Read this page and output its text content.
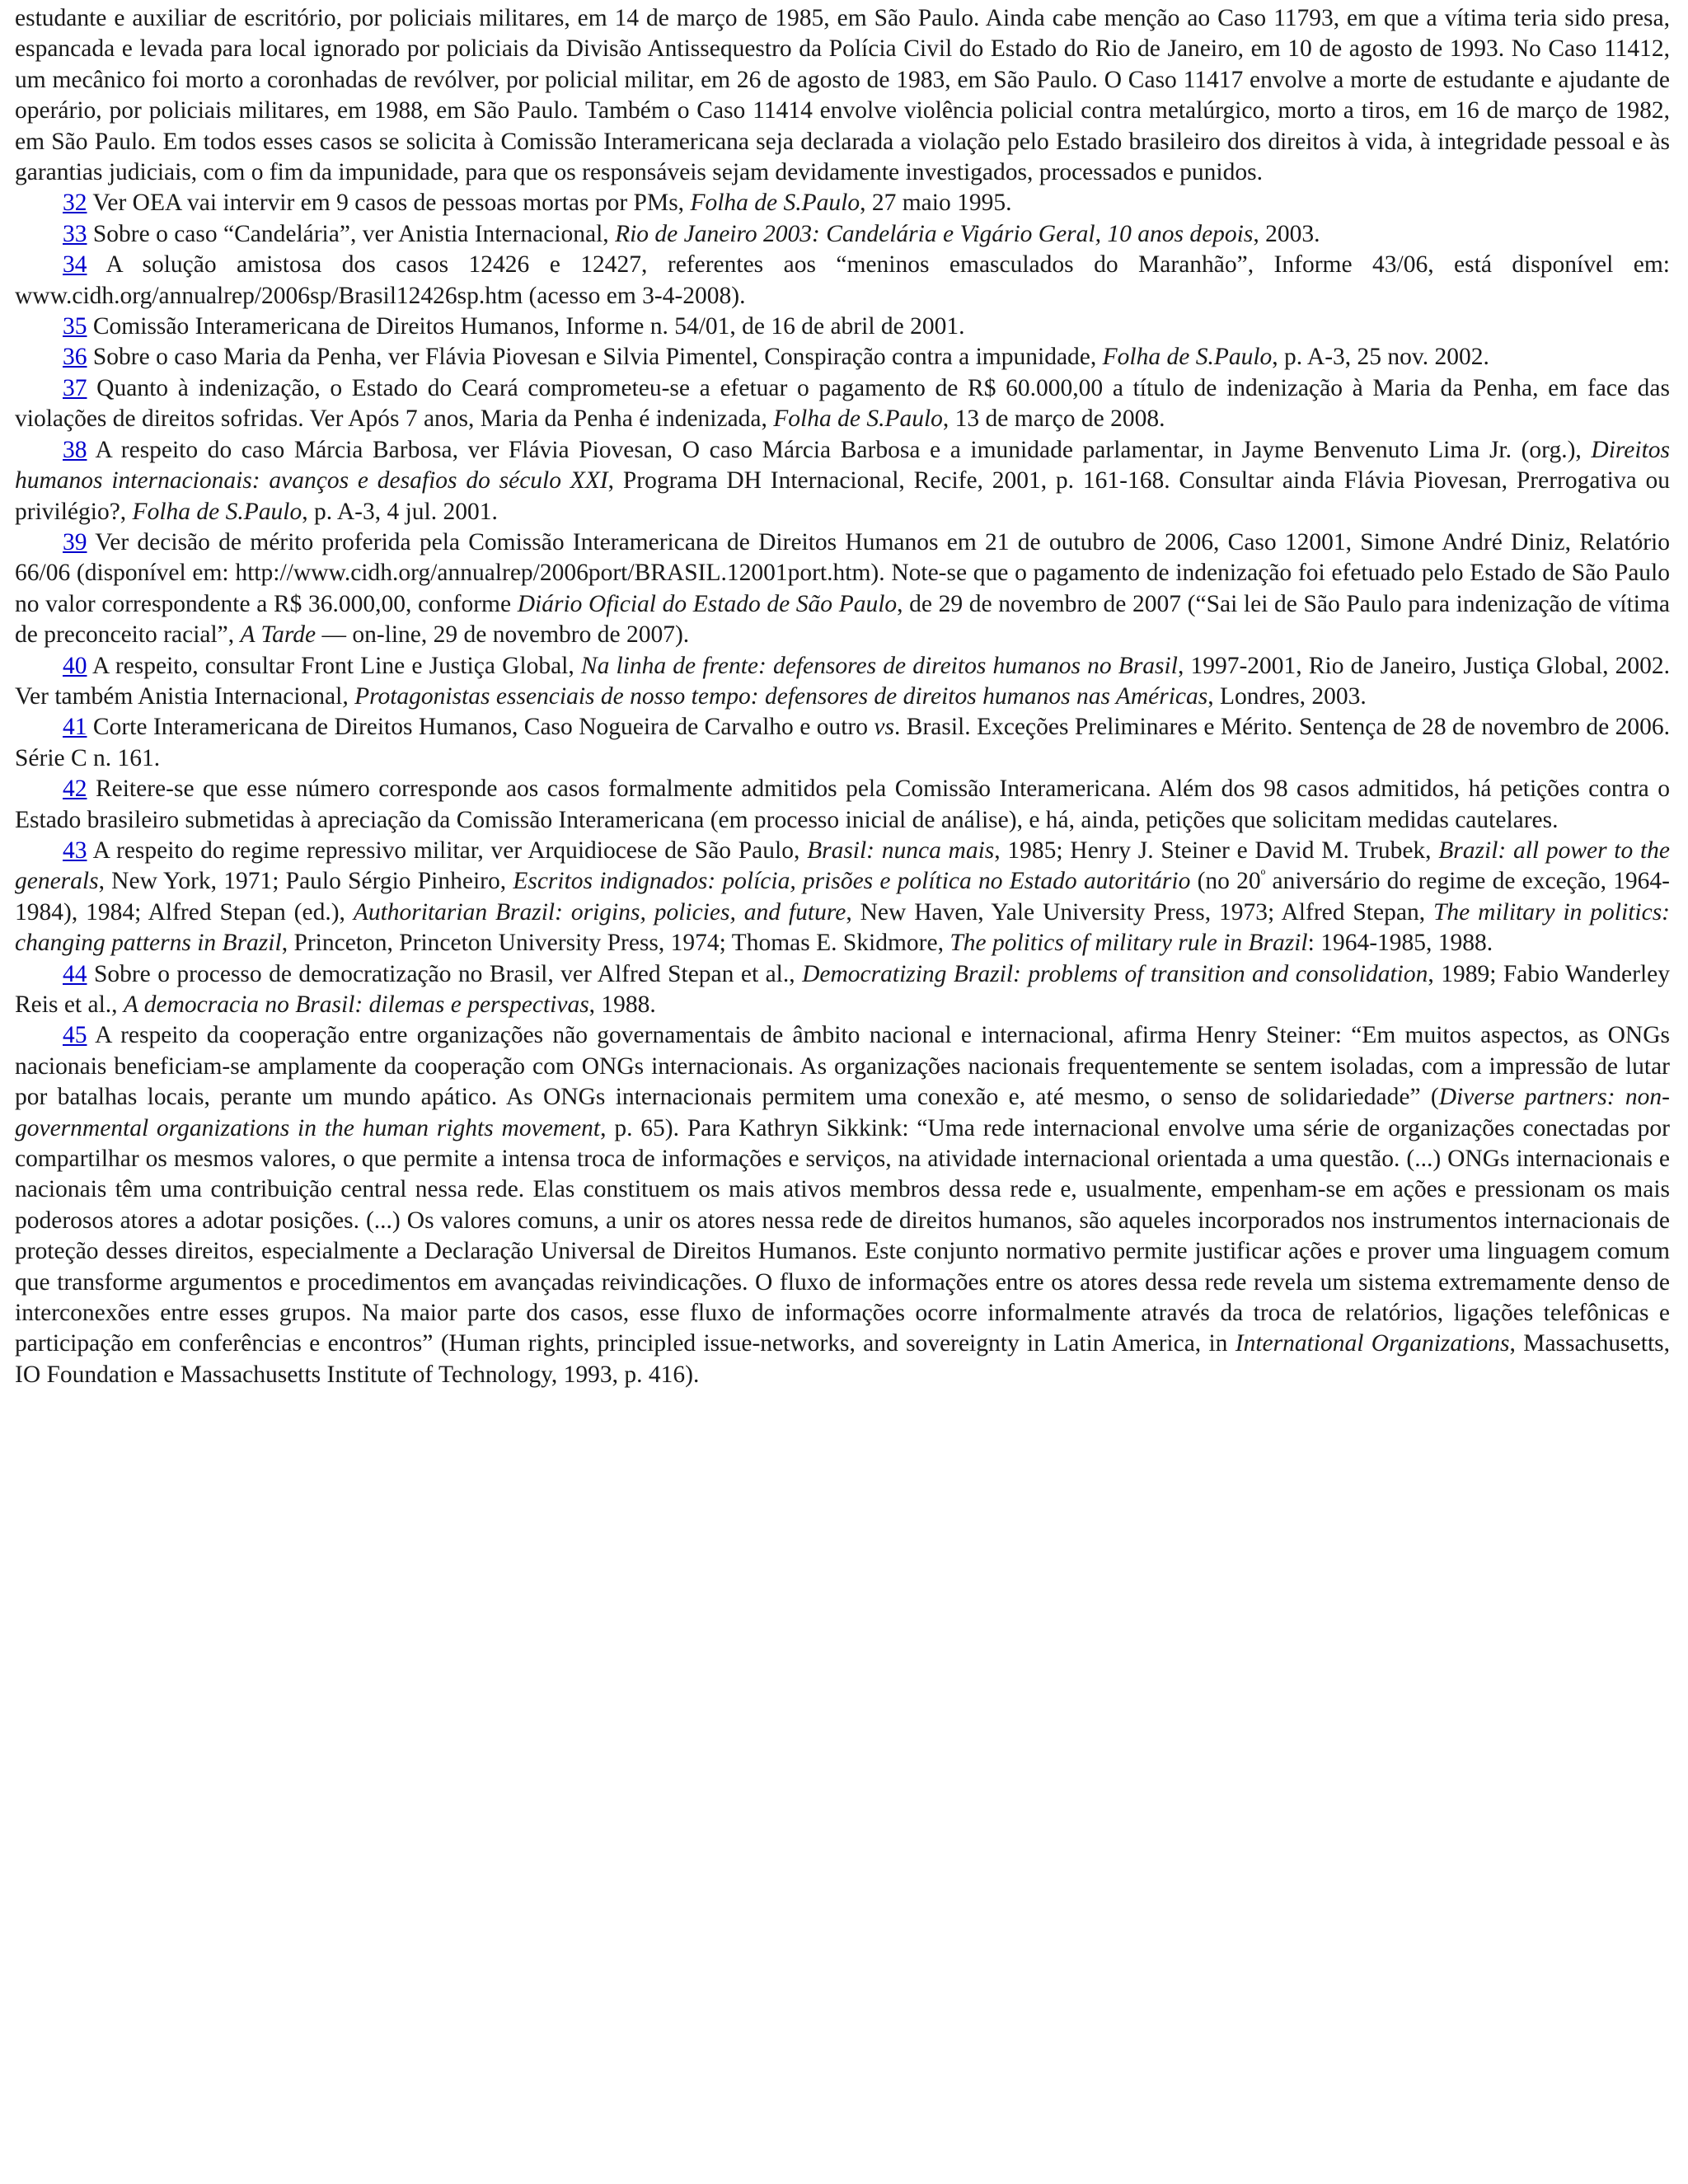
estudante e auxiliar de escritório, por policiais militares, em 14 de março de 1985, em São Paulo. Ainda cabe menção ao Caso 11793, em que a vítima teria sido presa, espancada e levada para local ignorado por policiais da Divisão Antissequestro da Polícia Civil do Estado do Rio de Janeiro, em 10 de agosto de 1993. No Caso 11412, um mecânico foi morto a coronhadas de revólver, por policial militar, em 26 de agosto de 1983, em São Paulo. O Caso 11417 envolve a morte de estudante e ajudante de operário, por policiais militares, em 1988, em São Paulo. Também o Caso 11414 envolve violência policial contra metalúrgico, morto a tiros, em 16 de março de 1982, em São Paulo. Em todos esses casos se solicita à Comissão Interamericana seja declarada a violação pelo Estado brasileiro dos direitos à vida, à integridade pessoal e às garantias judiciais, com o fim da impunidade, para que os responsáveis sejam devidamente investigados, processados e punidos.

32 Ver OEA vai intervir em 9 casos de pessoas mortas por PMs, Folha de S.Paulo, 27 maio 1995.

33 Sobre o caso “Candelária”, ver Anistia Internacional, Rio de Janeiro 2003: Candelária e Vigário Geral, 10 anos depois, 2003.

34 A solução amistosa dos casos 12426 e 12427, referentes aos “meninos emasculados do Maranhão”, Informe 43/06, está disponível em: www.cidh.org/annualrep/2006sp/Brasil12426sp.htm (acesso em 3-4-2008).

35 Comissão Interamericana de Direitos Humanos, Informe n. 54/01, de 16 de abril de 2001.

36 Sobre o caso Maria da Penha, ver Flávia Piovesan e Silvia Pimentel, Conspiração contra a impunidade, Folha de S.Paulo, p. A-3, 25 nov. 2002.

37 Quanto à indenização, o Estado do Ceará comprometeu-se a efetuar o pagamento de R$ 60.000,00 a título de indenização à Maria da Penha, em face das violações de direitos sofridas. Ver Após 7 anos, Maria da Penha é indenizada, Folha de S.Paulo, 13 de março de 2008.

38 A respeito do caso Márcia Barbosa, ver Flávia Piovesan, O caso Márcia Barbosa e a imunidade parlamentar, in Jayme Benvenuto Lima Jr. (org.), Direitos humanos internacionais: avanços e desafios do século XXI, Programa DH Internacional, Recife, 2001, p. 161-168. Consultar ainda Flávia Piovesan, Prerrogativa ou privilégio?, Folha de S.Paulo, p. A-3, 4 jul. 2001.

39 Ver decisão de mérito proferida pela Comissão Interamericana de Direitos Humanos em 21 de outubro de 2006, Caso 12001, Simone André Diniz, Relatório 66/06 (disponível em: http://www.cidh.org/annualrep/2006port/BRASIL.12001port.htm). Note-se que o pagamento de indenização foi efetuado pelo Estado de São Paulo no valor correspondente a R$ 36.000,00, conforme Diário Oficial do Estado de São Paulo, de 29 de novembro de 2007 (“Sai lei de São Paulo para indenização de vítima de preconceito racial”, A Tarde — on-line, 29 de novembro de 2007).

40 A respeito, consultar Front Line e Justiça Global, Na linha de frente: defensores de direitos humanos no Brasil, 1997-2001, Rio de Janeiro, Justiça Global, 2002. Ver também Anistia Internacional, Protagonistas essenciais de nosso tempo: defensores de direitos humanos nas Américas, Londres, 2003.

41 Corte Interamericana de Direitos Humanos, Caso Nogueira de Carvalho e outro vs. Brasil. Exceções Preliminares e Mérito. Sentença de 28 de novembro de 2006. Série C n. 161.

42 Reitere-se que esse número corresponde aos casos formalmente admitidos pela Comissão Interamericana. Além dos 98 casos admitidos, há petições contra o Estado brasileiro submetidas à apreciação da Comissão Interamericana (em processo inicial de análise), e há, ainda, petições que solicitam medidas cautelares.

43 A respeito do regime repressivo militar, ver Arquidiocese de São Paulo, Brasil: nunca mais, 1985; Henry J. Steiner e David M. Trubek, Brazil: all power to the generals, New York, 1971; Paulo Sérgio Pinheiro, Escritos indignados: polícia, prisões e política no Estado autoritário (no $20^º$ aniversário do regime de exceção, 1964-1984), 1984; Alfred Stepan (ed.), Authoritarian Brazil: origins, policies, and future, New Haven, Yale University Press, 1973; Alfred Stepan, The military in politics: changing patterns in Brazil, Princeton, Princeton University Press, 1974; Thomas E. Skidmore, The politics of military rule in Brazil: 1964-1985, 1988.

44 Sobre o processo de democratização no Brasil, ver Alfred Stepan et al., Democratizing Brazil: problems of transition and consolidation, 1989; Fabio Wanderley Reis et al., A democracia no Brasil: dilemas e perspectivas, 1988.

45 A respeito da cooperação entre organizações não governamentais de âmbito nacional e internacional, afirma Henry Steiner: “Em muitos aspectos, as ONGs nacionais beneficiam-se amplamente da cooperação com ONGs internacionais. As organizações nacionais frequentemente se sentem isoladas, com a impressão de lutar por batalhas locais, perante um mundo apático. As ONGs internacionais permitem uma conexão e, até mesmo, o senso de solidariedade” (Diverse partners: non-governmental organizations in the human rights movement, p. 65). Para Kathryn Sikkink: “Uma rede internacional envolve uma série de organizações conectadas por compartilhar os mesmos valores, o que permite a intensa troca de informações e serviços, na atividade internacional orientada a uma questão. (...) ONGs internacionais e nacionais têm uma contribuição central nessa rede. Elas constituem os mais ativos membros dessa rede e, usualmente, empenham-se em ações e pressionam os mais poderosos atores a adotar posições. (...) Os valores comuns, a unir os atores nessa rede de direitos humanos, são aqueles incorporados nos instrumentos internacionais de proteção desses direitos, especialmente a Declaração Universal de Direitos Humanos. Este conjunto normativo permite justificar ações e prover uma linguagem comum que transforme argumentos e procedimentos em avançadas reivindicações. O fluxo de informações entre os atores dessa rede revela um sistema extremamente denso de interconexões entre esses grupos. Na maior parte dos casos, esse fluxo de informações ocorre informalmente através da troca de relatórios, ligações telefônicas e participação em conferências e encontros” (Human rights, principled issue-networks, and sovereignty in Latin America, in International Organizations, Massachusetts, IO Foundation e Massachusetts Institute of Technology, 1993, p. 416).
